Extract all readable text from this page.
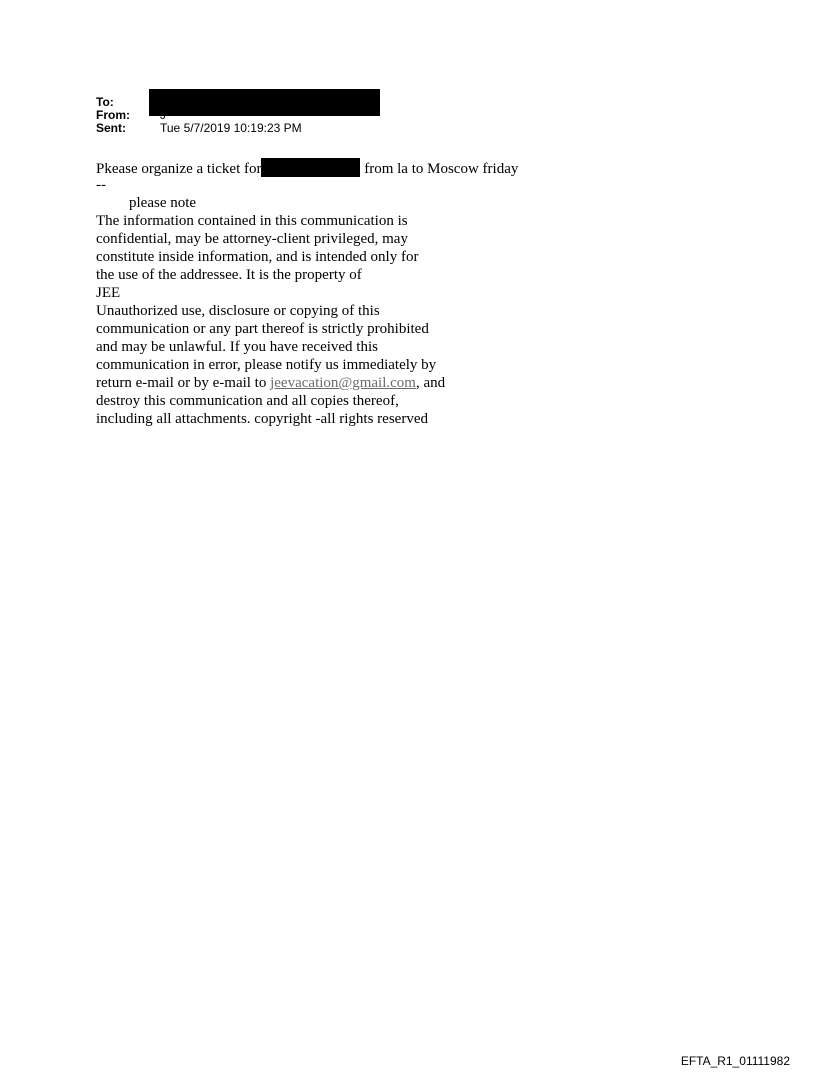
To:
From:
Sent:	Tue 5/7/2019 10:19:23 PM
Pkease organize a ticket for	from la to Moscow friday
--
please note
The information contained in this communication is
confidential, may be attorney-client privileged, may
constitute inside information, and is intended only for
the use of the addressee. It is the property of
JEE
Unauthorized use, disclosure or copying of this
communication or any part thereof is strictly prohibited
and may be unlawful. If you have received this
communication in error, please notify us immediately by
return e-mail or by e-mail to jeevacation@gmail.com, and
destroy this communication and all copies thereof,
including all attachments. copyright -all rights reserved
EFTA_R1_01111982
